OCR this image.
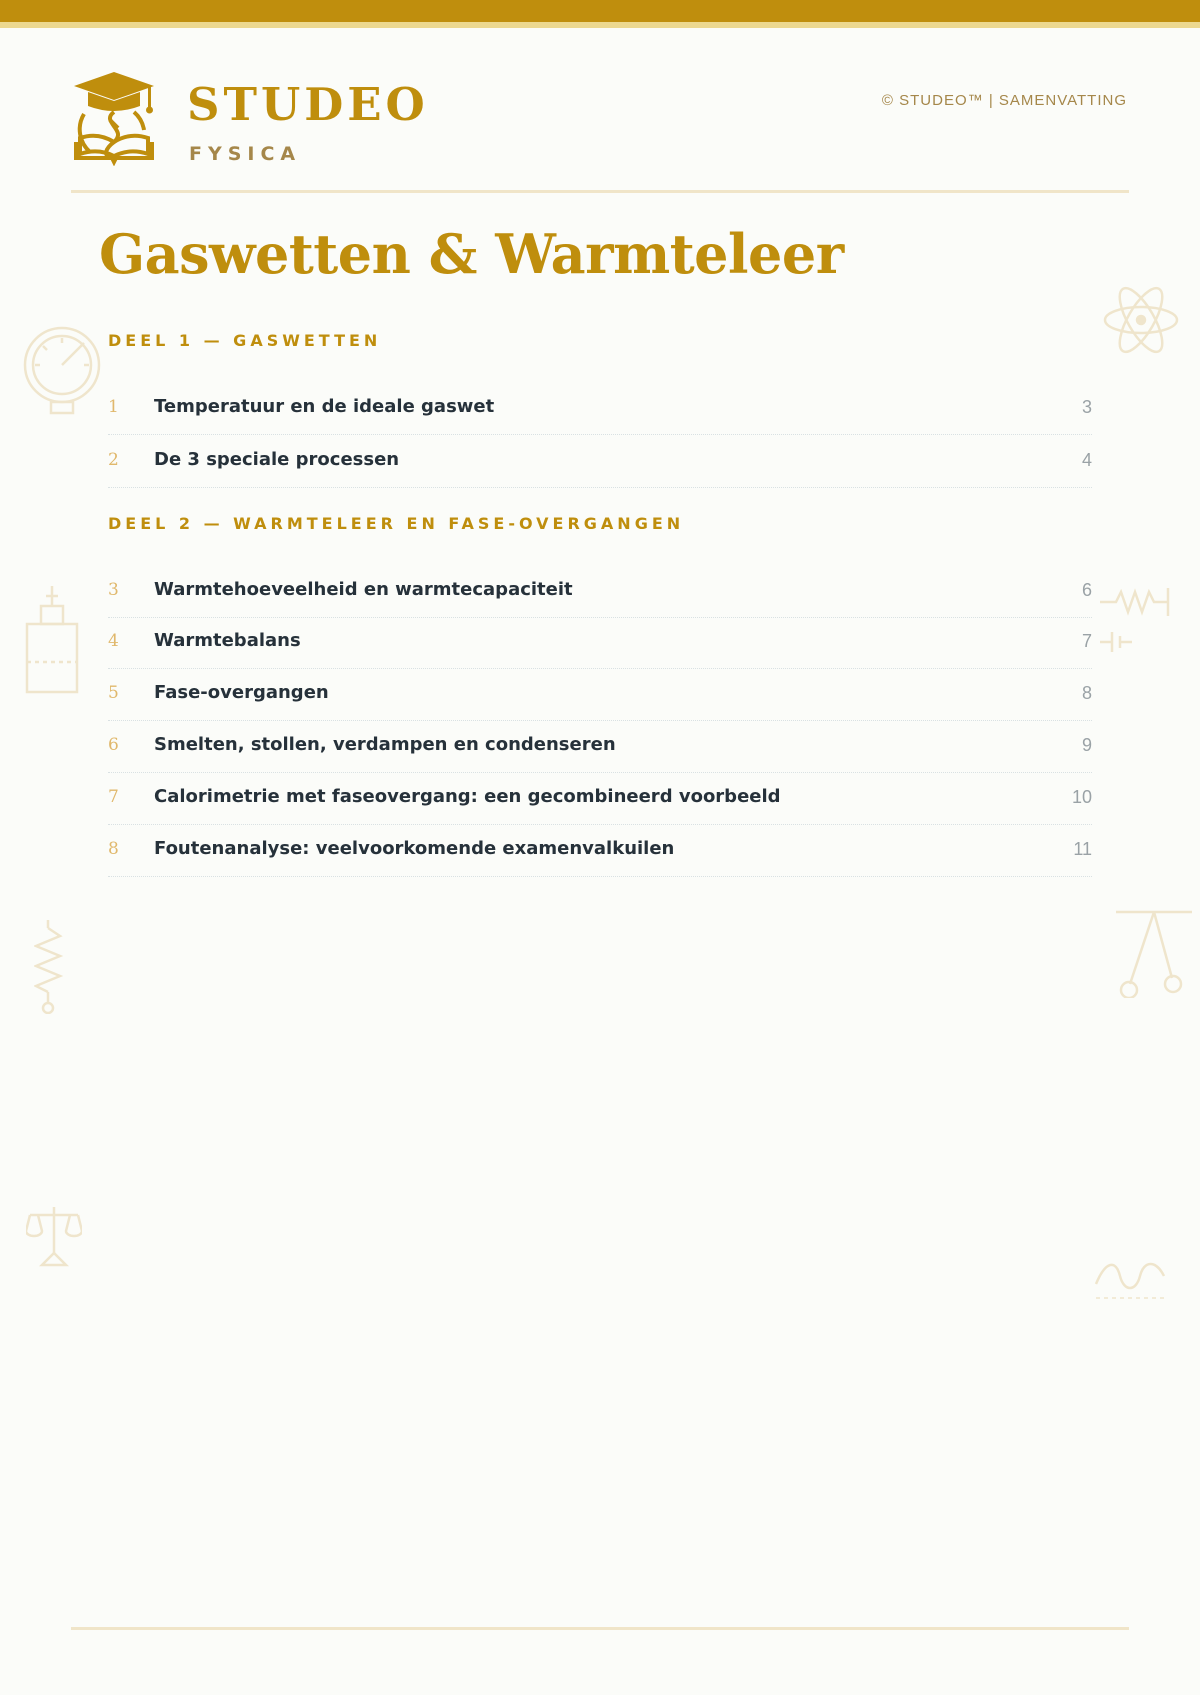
STUDEO
FYSICA
© STUDEO™ | SAMENVATTING
Gaswetten & Warmteleer
DEEL 1 — GASWETTEN
1 Temperatuur en de ideale gaswet	3
2 De 3 speciale processen	4
DEEL 2 — WARMTELEER EN FASE-OVERGANGEN
3 Warmtehoeveelheid en warmtecapaciteit	6
4 Warmtebalans	7
5 Fase-overgangen	8
6 Smelten, stollen, verdampen en condenseren	9
7 Calorimetrie met faseovergang: een gecombineerd voorbeeld	10
8 Foutenanalyse: veelvoorkomende examenvalkuilen	11
